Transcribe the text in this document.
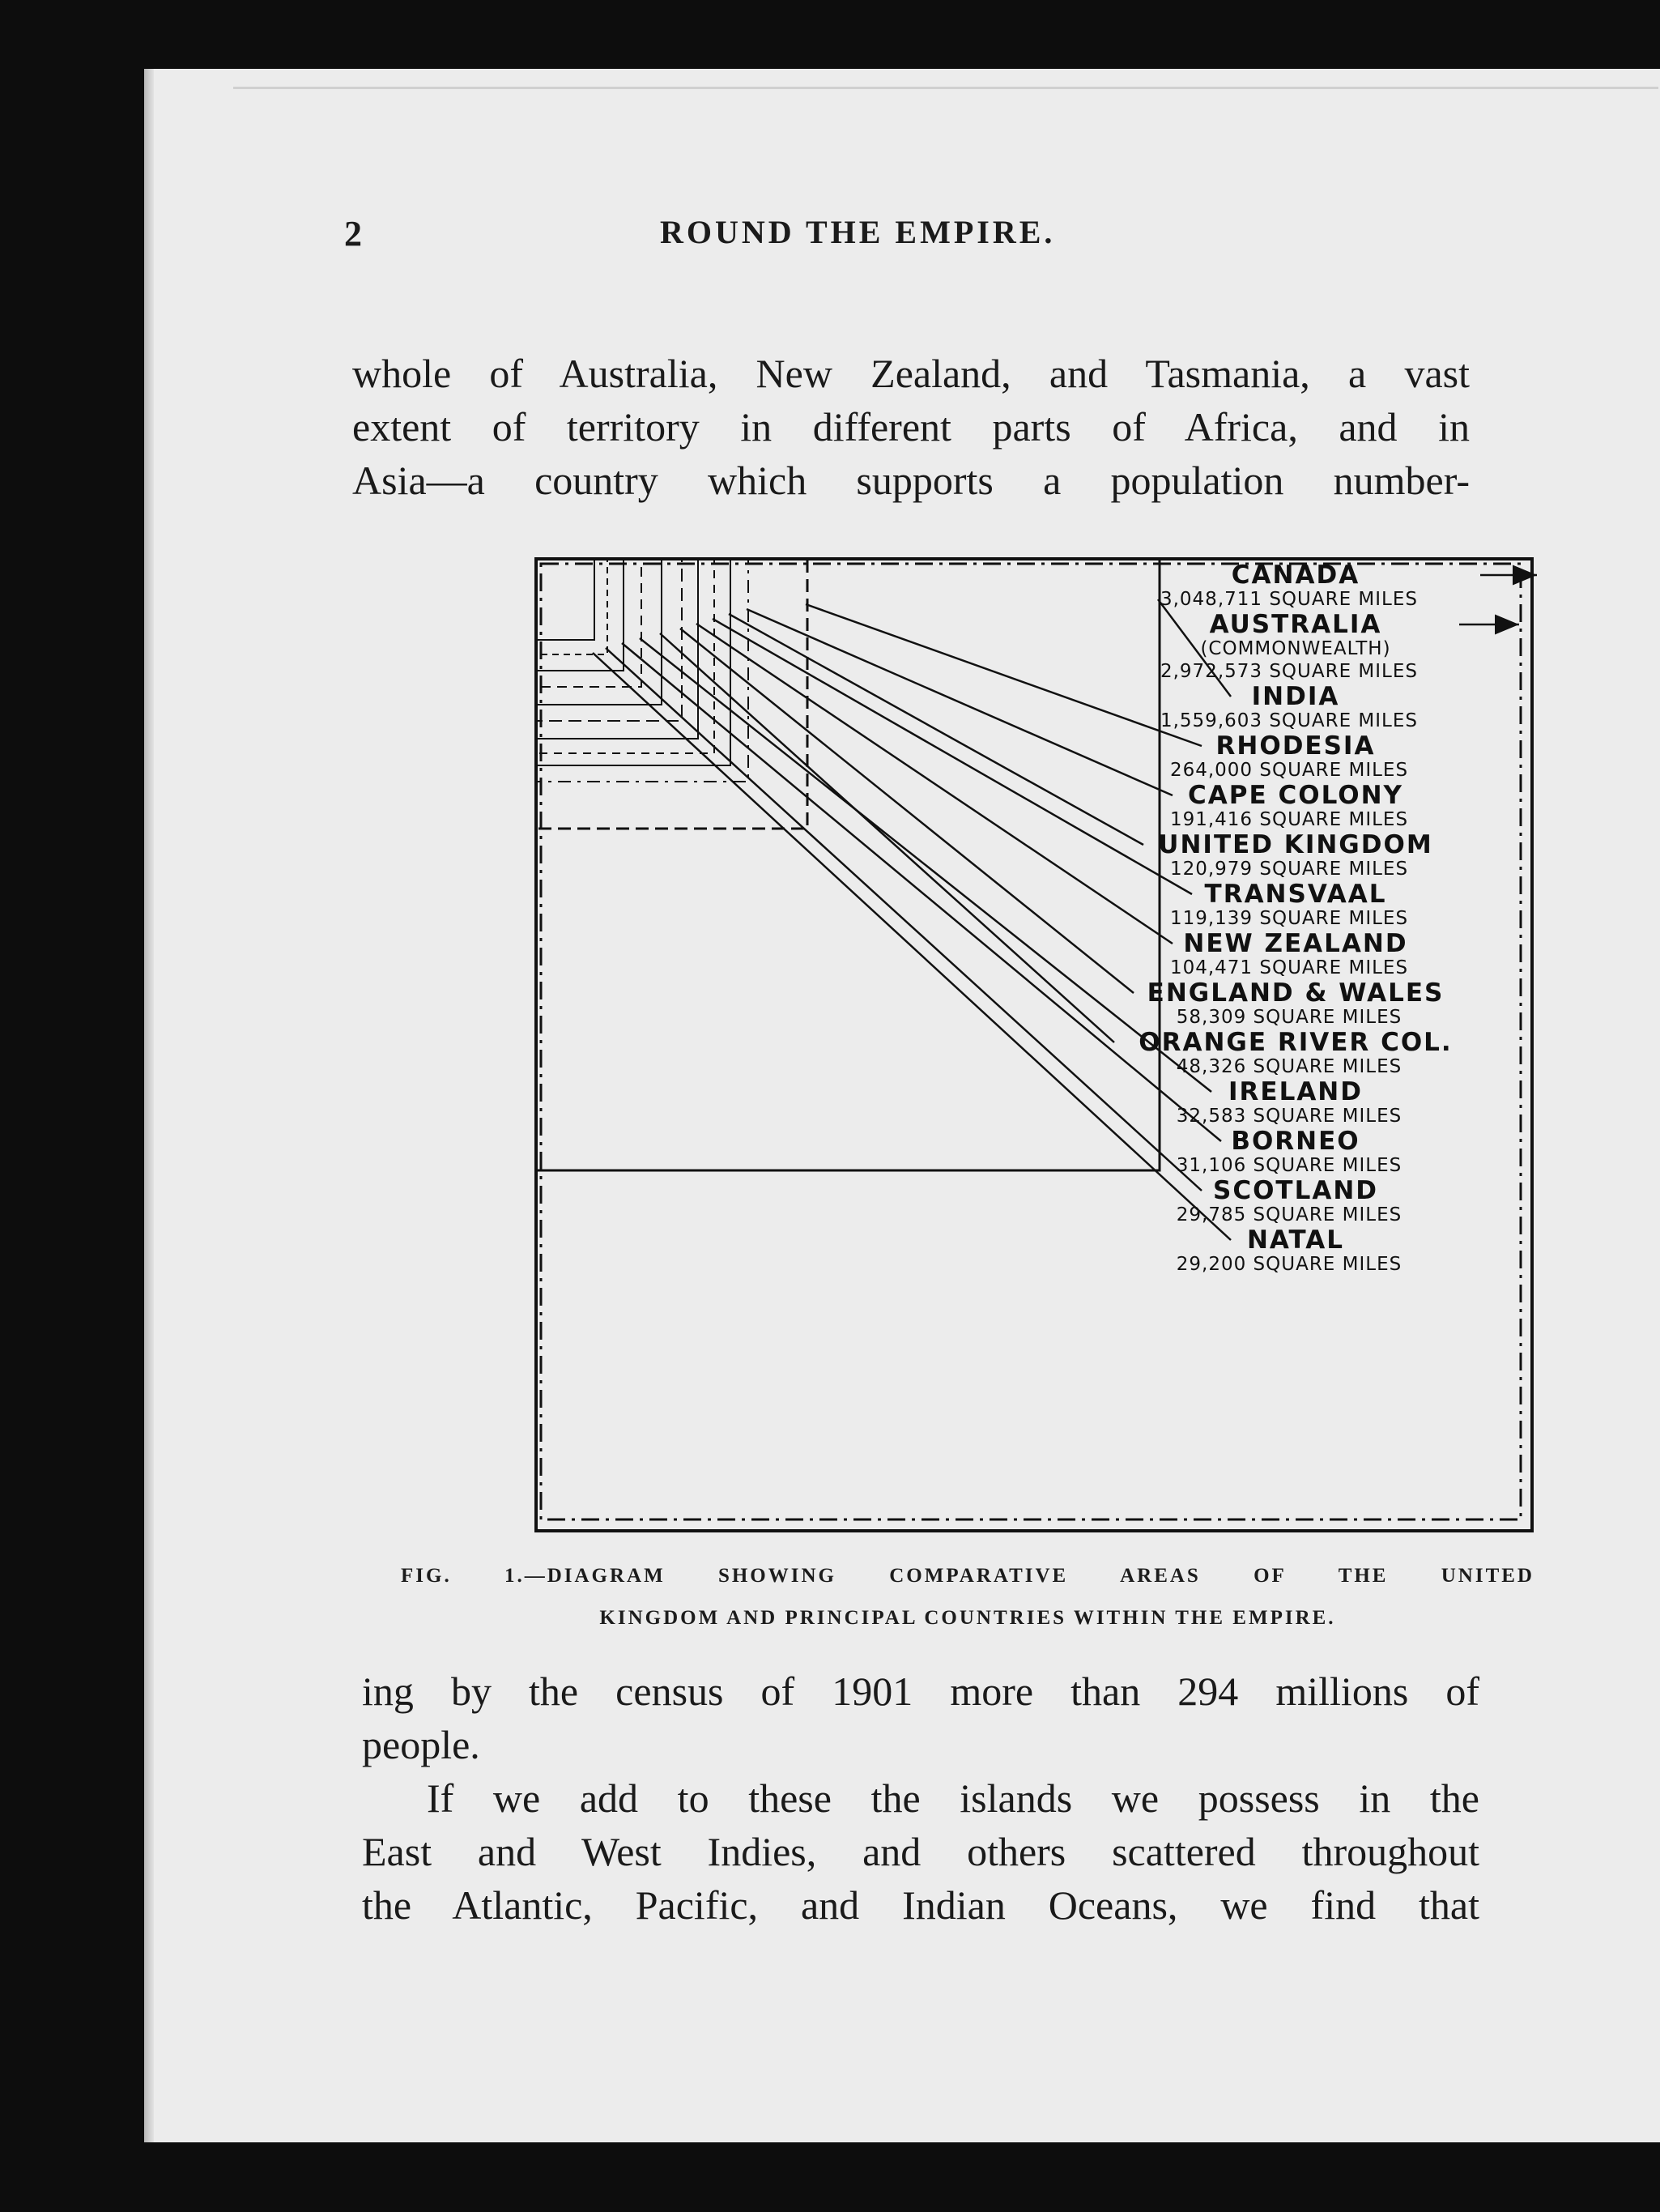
2	ROUND THE EMPIRE.
whole of Australia, New Zealand, and Tasmania, a vast
extent of territory in different parts of Africa, and in
Asia—a country which supports a population number-
CANADA
3,048,711 SQUARE MILES
AUSTRALIA
(COMMONWEALTH)
2,972,573 SQUARE MILES
INDIA
1,559,603 SQUARE MILES
RHODESIA
264,000 SQUARE MILES
CAPE COLONY
191,416 SQUARE MILES
UNITED KINGDOM
120,979 SQUARE MILES
TRANSVAAL
119,139 SQUARE MILES
NEW ZEALAND
104,471 SQUARE MILES
ENGLAND & WALES
58,309 SQUARE MILES
ORANGE RIVER COL.
48,326 SQUARE MILES
IRELAND
32,583 SQUARE MILES
BORNEO
31,106 SQUARE MILES
SCOTLAND
29,785 SQUARE MILES
NATAL
29,200 SQUARE MILES
FIG. 1.—DIAGRAM SHOWING COMPARATIVE AREAS OF THE UNITED
KINGDOM AND PRINCIPAL COUNTRIES WITHIN THE EMPIRE.
ing by the census of 1901 more than 294 millions of
people.
If we add to these the islands we possess in the
East and West Indies, and others scattered throughout
the Atlantic, Pacific, and Indian Oceans, we find that
